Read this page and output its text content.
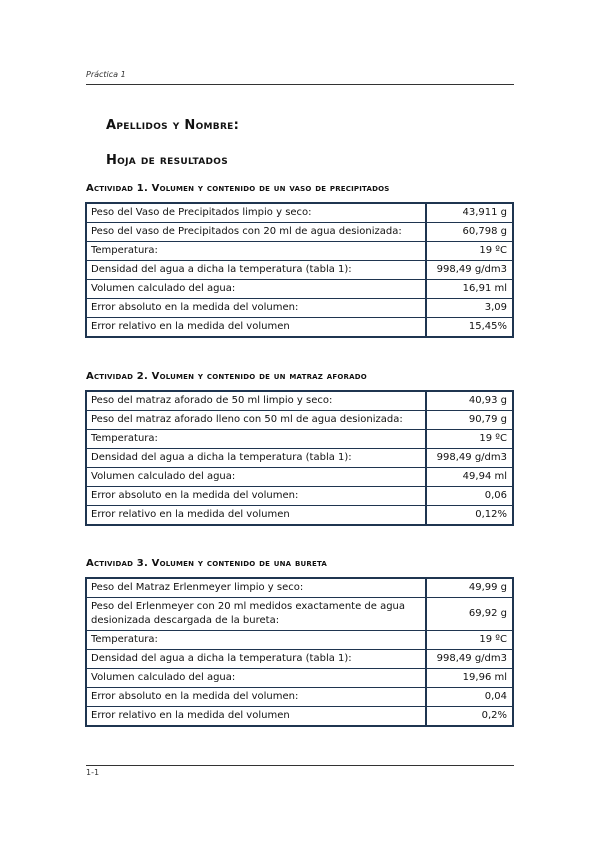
Práctica 1
Apellidos y Nombre:
Hoja de resultados
Actividad 1. Volumen y contenido de un vaso de precipitados
Peso del Vaso de Precipitados limpio y seco:	43,911 g
Peso del vaso de Precipitados con 20 ml de agua desionizada:	60,798 g
Temperatura:	19 ºC
Densidad del agua a dicha la temperatura (tabla 1):	998,49 g/dm3
Volumen calculado del agua:	16,91 ml
Error absoluto en la medida del volumen:	3,09
Error relativo en la medida del volumen	15,45%
Actividad 2. Volumen y contenido de un matraz aforado
Peso del matraz aforado de 50 ml limpio y seco:	40,93 g
Peso del matraz aforado lleno con 50 ml de agua desionizada:	90,79 g
Temperatura:	19 ºC
Densidad del agua a dicha la temperatura (tabla 1):	998,49 g/dm3
Volumen calculado del agua:	49,94 ml
Error absoluto en la medida del volumen:	0,06
Error relativo en la medida del volumen	0,12%
Actividad 3. Volumen y contenido de una bureta
Peso del Matraz Erlenmeyer limpio y seco:	49,99 g
Peso del Erlenmeyer con 20 ml medidos exactamente de agua desionizada descargada de la bureta:	69,92 g
Temperatura:	19 ºC
Densidad del agua a dicha la temperatura (tabla 1):	998,49 g/dm3
Volumen calculado del agua:	19,96 ml
Error absoluto en la medida del volumen:	0,04
Error relativo en la medida del volumen	0,2%
1-1
